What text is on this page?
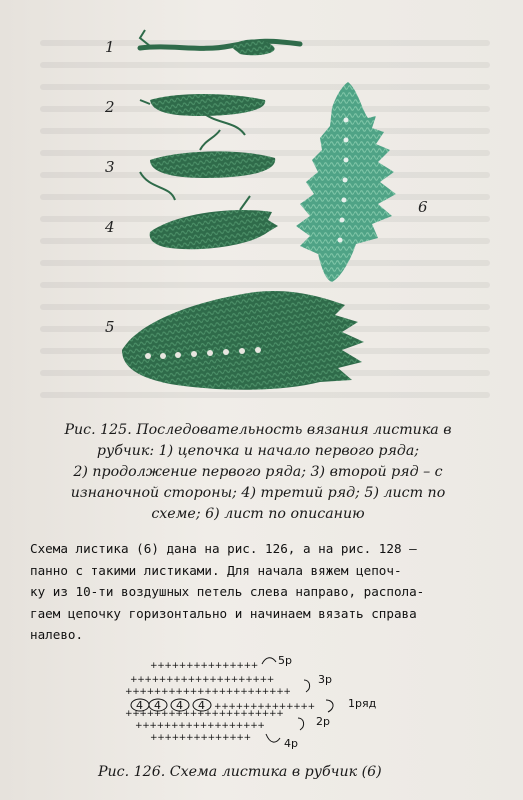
1
2
3
4
5
6
Рис. 125. Последовательность вязания листика в
рубчик: 1) цепочка и начало первого ряда;
2) продолжение первого ряда; 3) второй ряд – с
изнаночной стороны; 4) третий ряд; 5) лист по
схеме; 6) лист по описанию

Схема листика (6) дана на рис. 126, а на рис. 128 —

панно с такими листиками. Для начала вяжем цепоч-

ку из 10-ти воздушных петель слева направо, распола-

гаем цепочку горизонтально и начинаем вязать справа

налево.

+ + + + + + + + + + + + + + +
+ + + + + + + + + + + + + + + + + + + +
+ + + + + + + + + + + + + + + + + + + + + + +
+ + + + + + + + + + + + + + + + + + + + + +
+ + + + + + + + + + + + + + + + + +
+ + + + + + + + + + + + + +
+ + + + + + + + + + + + + +
5р
3р
1ряд
2р
4р
4 4 4 4
Рис. 126. Схема листика в рубчик (6)
